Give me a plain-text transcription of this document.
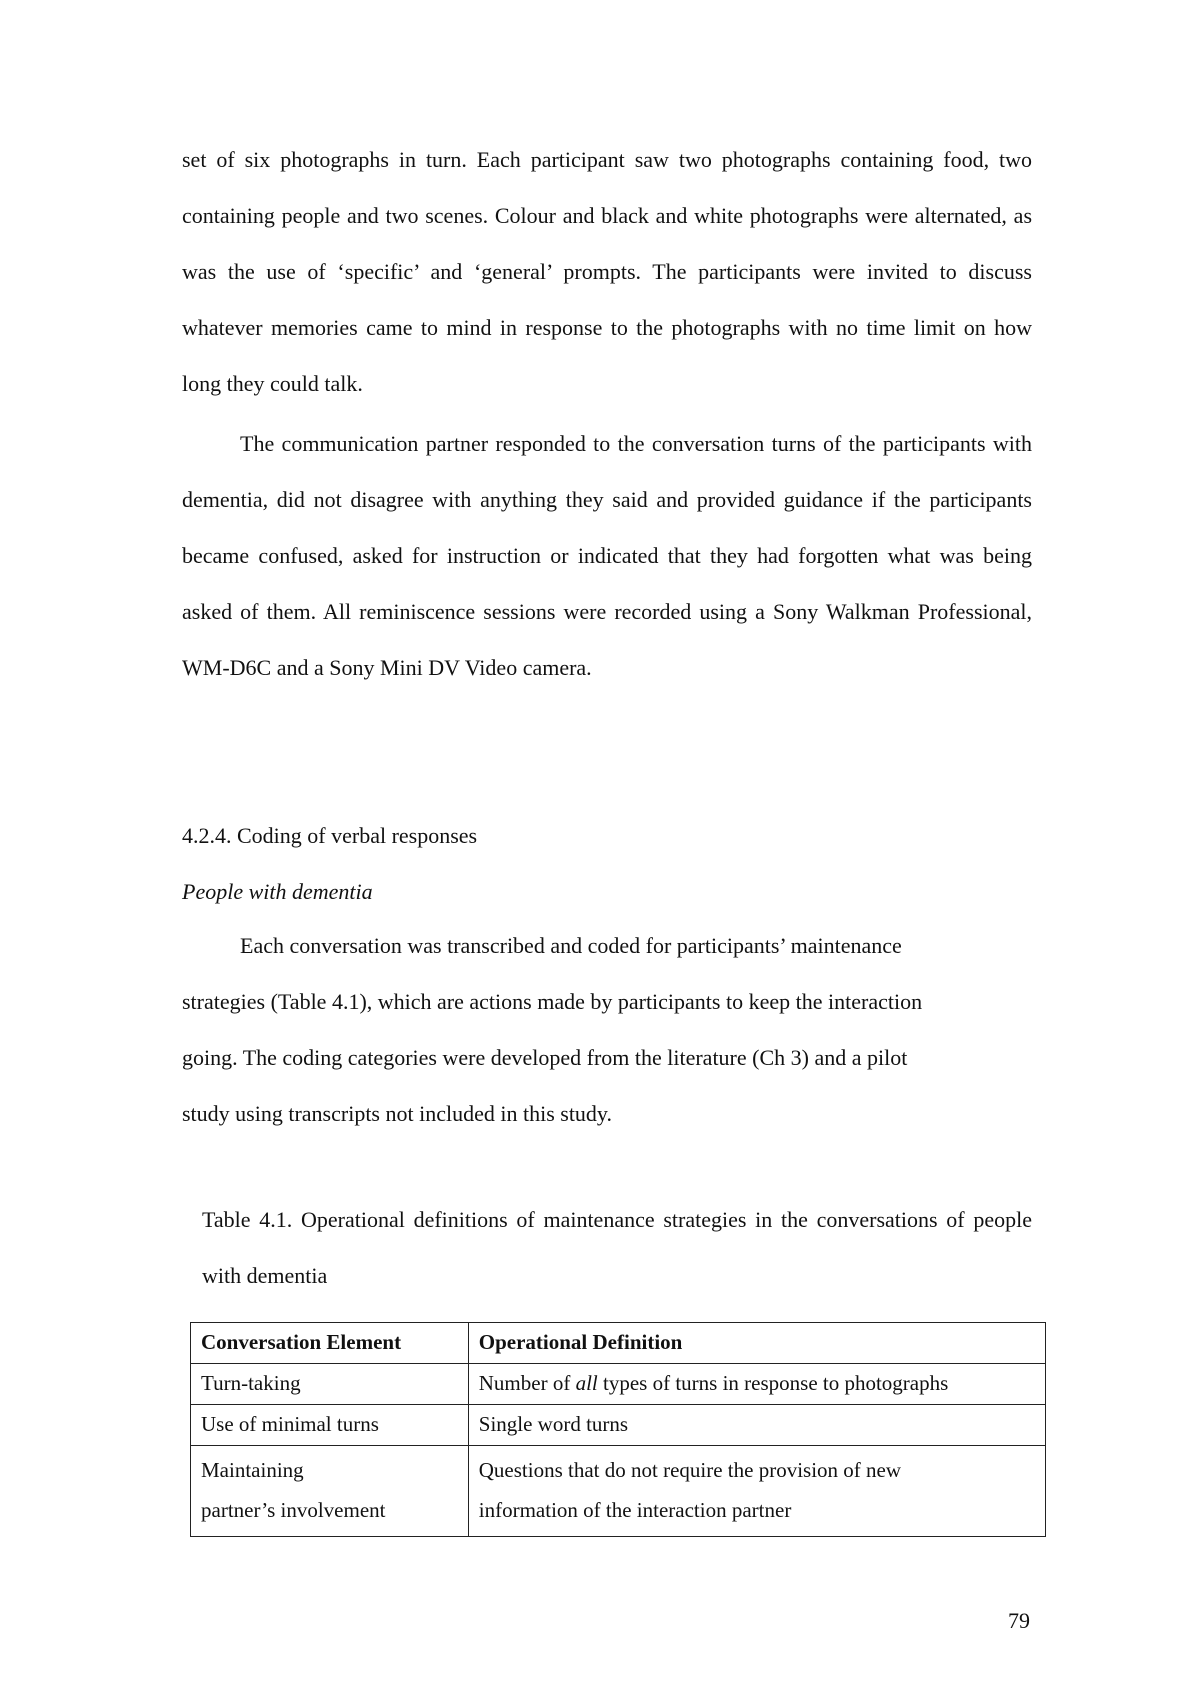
set of six photographs in turn. Each participant saw two photographs containing food, two containing people and two scenes. Colour and black and white photographs were alternated, as was the use of ‘specific’ and ‘general’ prompts. The participants were invited to discuss whatever memories came to mind in response to the photographs with no time limit on how long they could talk.

The communication partner responded to the conversation turns of the participants with dementia, did not disagree with anything they said and provided guidance if the participants became confused, asked for instruction or indicated that they had forgotten what was being asked of them. All reminiscence sessions were recorded using a Sony Walkman Professional, WM-D6C and a Sony Mini DV Video camera.

4.2.4. Coding of verbal responses

People with dementia

Each conversation was transcribed and coded for participants’ maintenance
strategies (Table 4.1), which are actions made by participants to keep the interaction
going. The coding categories were developed from the literature (Ch 3) and a pilot
study using transcripts not included in this study.

Table 4.1. Operational definitions of maintenance strategies in the conversations of people with dementia

Conversation Element	Operational Definition
Turn-taking	Number of all types of turns in response to photographs
Use of minimal turns	Single word turns

Maintaining
partner’s involvement	Questions that do not require the provision of new
information of the interaction partner

79
